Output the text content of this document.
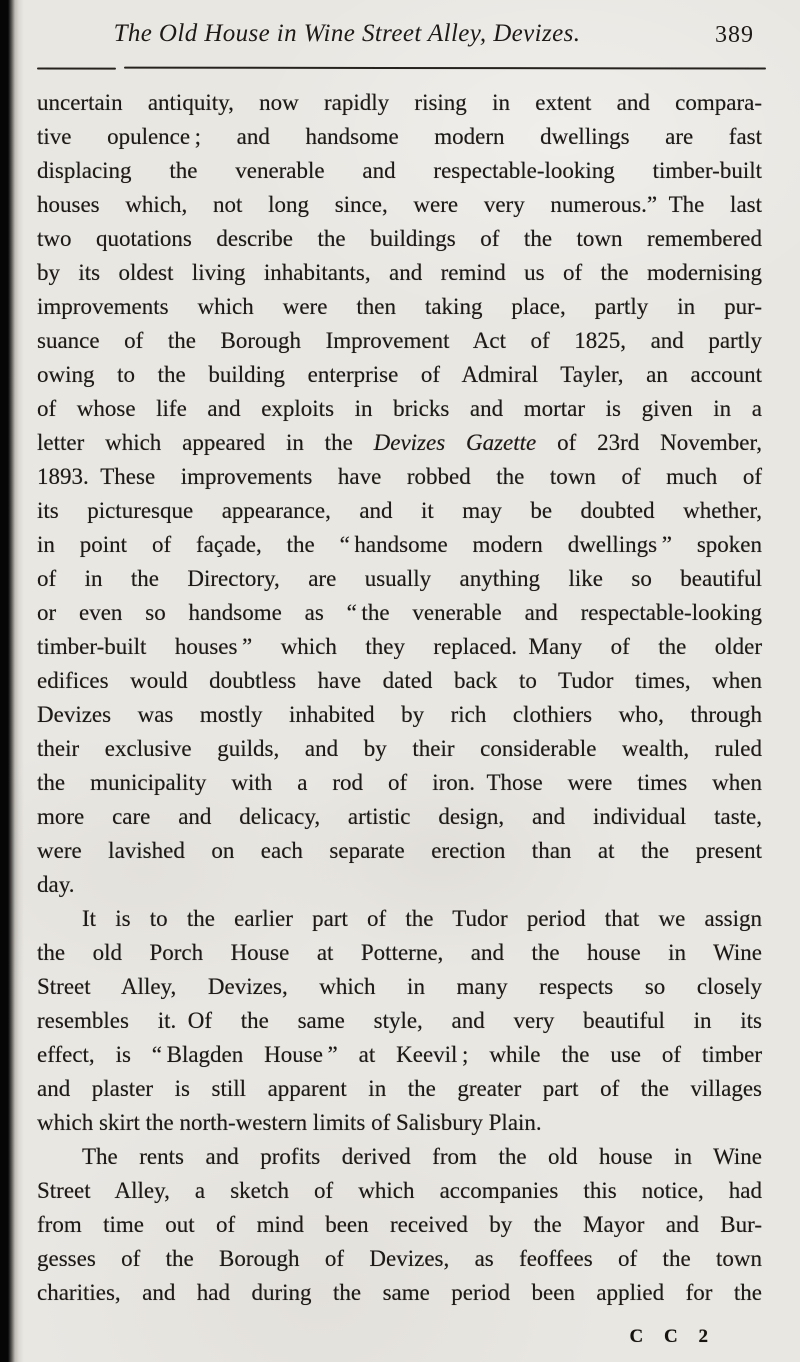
The Old House in Wine Street Alley, Devizes.	389
uncertain antiquity, now rapidly rising in extent and compara-
tive opulence ; and handsome modern dwellings are fast
displacing the venerable and respectable-looking timber-built
houses which, not long since, were very numerous.” The last
two quotations describe the buildings of the town remembered
by its oldest living inhabitants, and remind us of the modernising
improvements which were then taking place, partly in pur-
suance of the Borough Improvement Act of 1825, and partly
owing to the building enterprise of Admiral Tayler, an account
of whose life and exploits in bricks and mortar is given in a
letter which appeared in the Devizes Gazette of 23rd November,
1893. These improvements have robbed the town of much of
its picturesque appearance, and it may be doubted whether,
in point of façade, the “ handsome modern dwellings ” spoken
of in the Directory, are usually anything like so beautiful
or even so handsome as “ the venerable and respectable-looking
timber-built houses ” which they replaced. Many of the older
edifices would doubtless have dated back to Tudor times, when
Devizes was mostly inhabited by rich clothiers who, through
their exclusive guilds, and by their considerable wealth, ruled
the municipality with a rod of iron. Those were times when
more care and delicacy, artistic design, and individual taste,
were lavished on each separate erection than at the present
day.
It is to the earlier part of the Tudor period that we assign
the old Porch House at Potterne, and the house in Wine
Street Alley, Devizes, which in many respects so closely
resembles it. Of the same style, and very beautiful in its
effect, is “ Blagden House ” at Keevil ; while the use of timber
and plaster is still apparent in the greater part of the villages
which skirt the north-western limits of Salisbury Plain.
The rents and profits derived from the old house in Wine
Street Alley, a sketch of which accompanies this notice, had
from time out of mind been received by the Mayor and Bur-
gesses of the Borough of Devizes, as feoffees of the town
charities, and had during the same period been applied for the
C C 2
